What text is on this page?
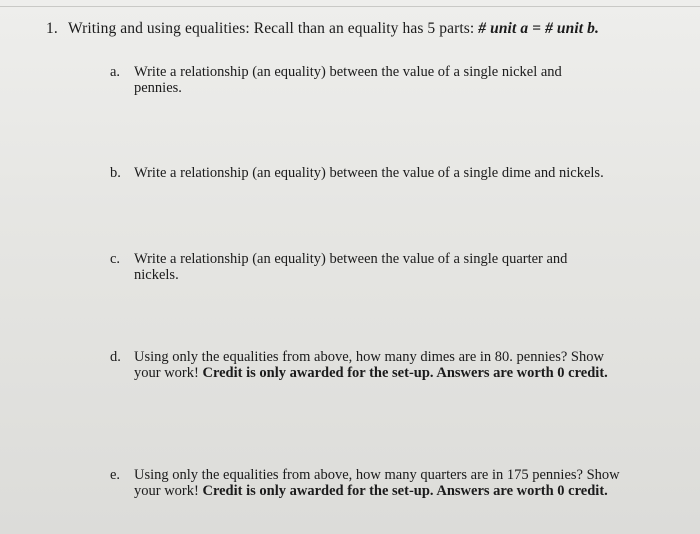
1. Writing and using equalities: Recall than an equality has 5 parts: # unit a = # unit b.
a. Write a relationship (an equality) between the value of a single nickel and pennies.
b. Write a relationship (an equality) between the value of a single dime and nickels.
c. Write a relationship (an equality) between the value of a single quarter and nickels.
d. Using only the equalities from above, how many dimes are in 80. pennies? Show your work! Credit is only awarded for the set-up. Answers are worth 0 credit.
e. Using only the equalities from above, how many quarters are in 175 pennies? Show your work! Credit is only awarded for the set-up. Answers are worth 0 credit.
